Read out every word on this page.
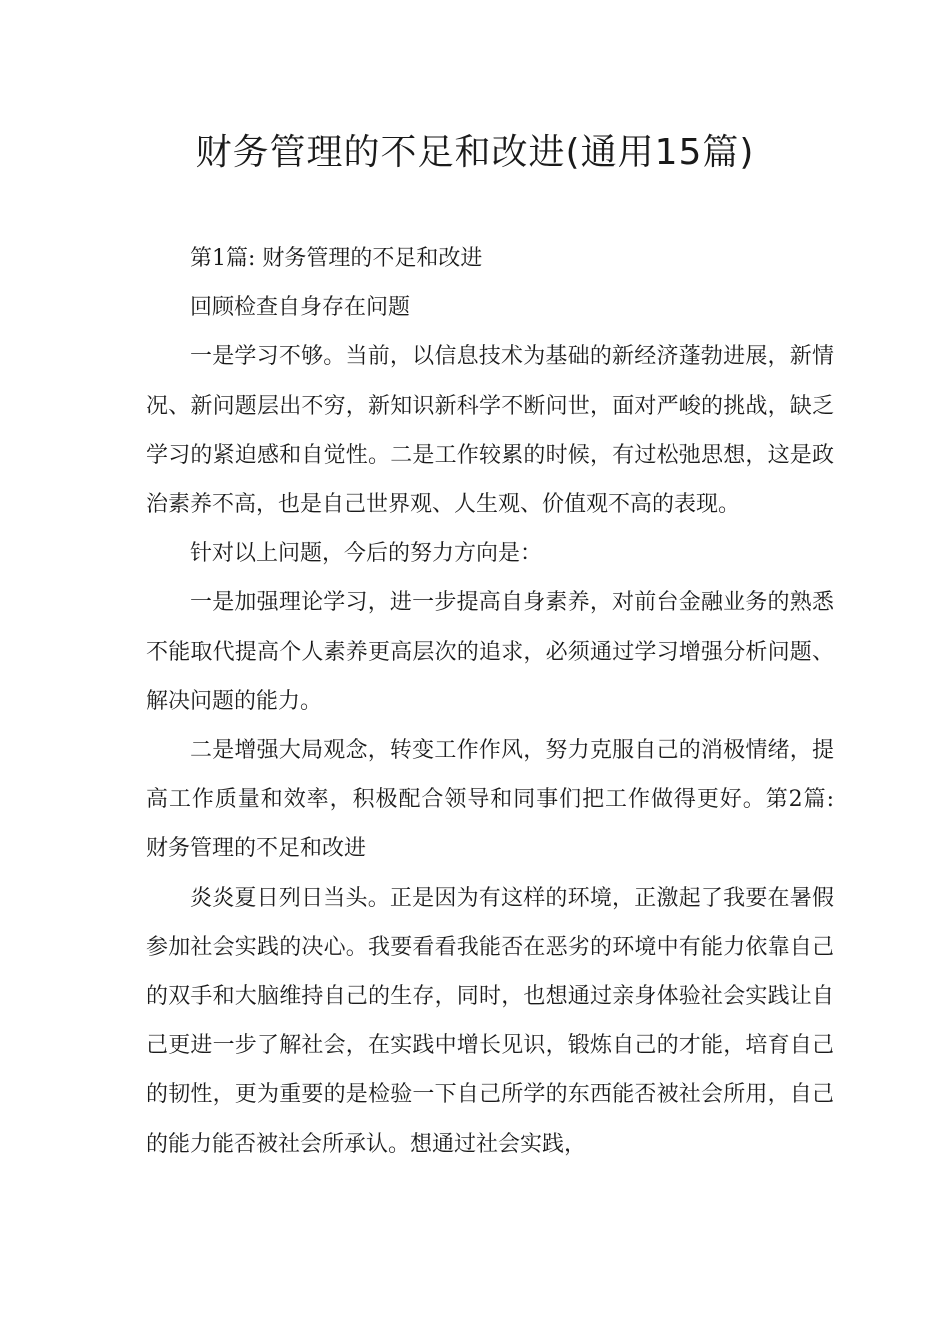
财务管理的不足和改进(通用15篇)

第1篇: 财务管理的不足和改进

回顾检查自身存在问题

一是学习不够。当前，以信息技术为基础的新经济蓬勃进展，新情况、新问题层出不穷，新知识新科学不断问世，面对严峻的挑战，缺乏学习的紧迫感和自觉性。二是工作较累的时候，有过松弛思想，这是政治素养不高，也是自己世界观、人生观、价值观不高的表现。

针对以上问题，今后的努力方向是：

一是加强理论学习，进一步提高自身素养，对前台金融业务的熟悉不能取代提高个人素养更高层次的追求，必须通过学习增强分析问题、解决问题的能力。

二是增强大局观念，转变工作作风，努力克服自己的消极情绪，提高工作质量和效率，积极配合领导和同事们把工作做得更好。第2篇: 财务管理的不足和改进

炎炎夏日列日当头。正是因为有这样的环境，正激起了我要在暑假参加社会实践的决心。我要看看我能否在恶劣的环境中有能力依靠自己的双手和大脑维持自己的生存，同时，也想通过亲身体验社会实践让自己更进一步了解社会，在实践中增长见识，锻炼自己的才能，培育自己的韧性，更为重要的是检验一下自己所学的东西能否被社会所用，自己的能力能否被社会所承认。想通过社会实践，
